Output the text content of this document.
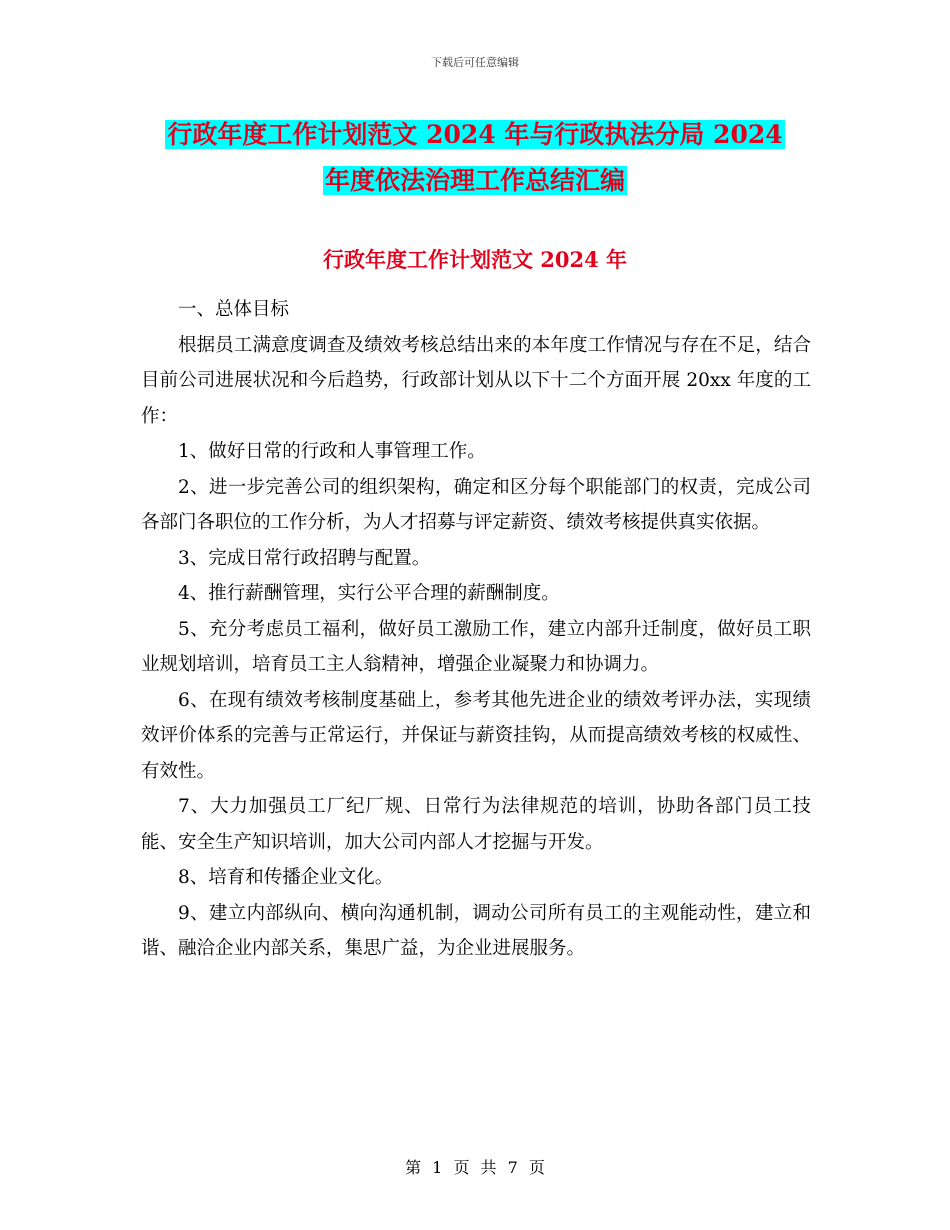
下载后可任意编辑
行政年度工作计划范文 2024 年与行政执法分局 2024
年度依法治理工作总结汇编
行政年度工作计划范文 2024 年

一、总体目标

根据员工满意度调查及绩效考核总结出来的本年度工作情况与存在不足，结合目前公司进展状况和今后趋势，行政部计划从以下十二个方面开展 20xx 年度的工作：

1、做好日常的行政和人事管理工作。

2、进一步完善公司的组织架构，确定和区分每个职能部门的权责，完成公司各部门各职位的工作分析，为人才招募与评定薪资、绩效考核提供真实依据。

3、完成日常行政招聘与配置。

4、推行薪酬管理，实行公平合理的薪酬制度。

5、充分考虑员工福利，做好员工激励工作，建立内部升迁制度，做好员工职业规划培训，培育员工主人翁精神，增强企业凝聚力和协调力。

6、在现有绩效考核制度基础上，参考其他先进企业的绩效考评办法，实现绩效评价体系的完善与正常运行，并保证与薪资挂钩，从而提高绩效考核的权威性、有效性。

7、大力加强员工厂纪厂规、日常行为法律规范的培训，协助各部门员工技能、安全生产知识培训，加大公司内部人才挖掘与开发。

8、培育和传播企业文化。

9、建立内部纵向、横向沟通机制，调动公司所有员工的主观能动性，建立和谐、融洽企业内部关系，集思广益，为企业进展服务。

第 1 页 共 7 页
